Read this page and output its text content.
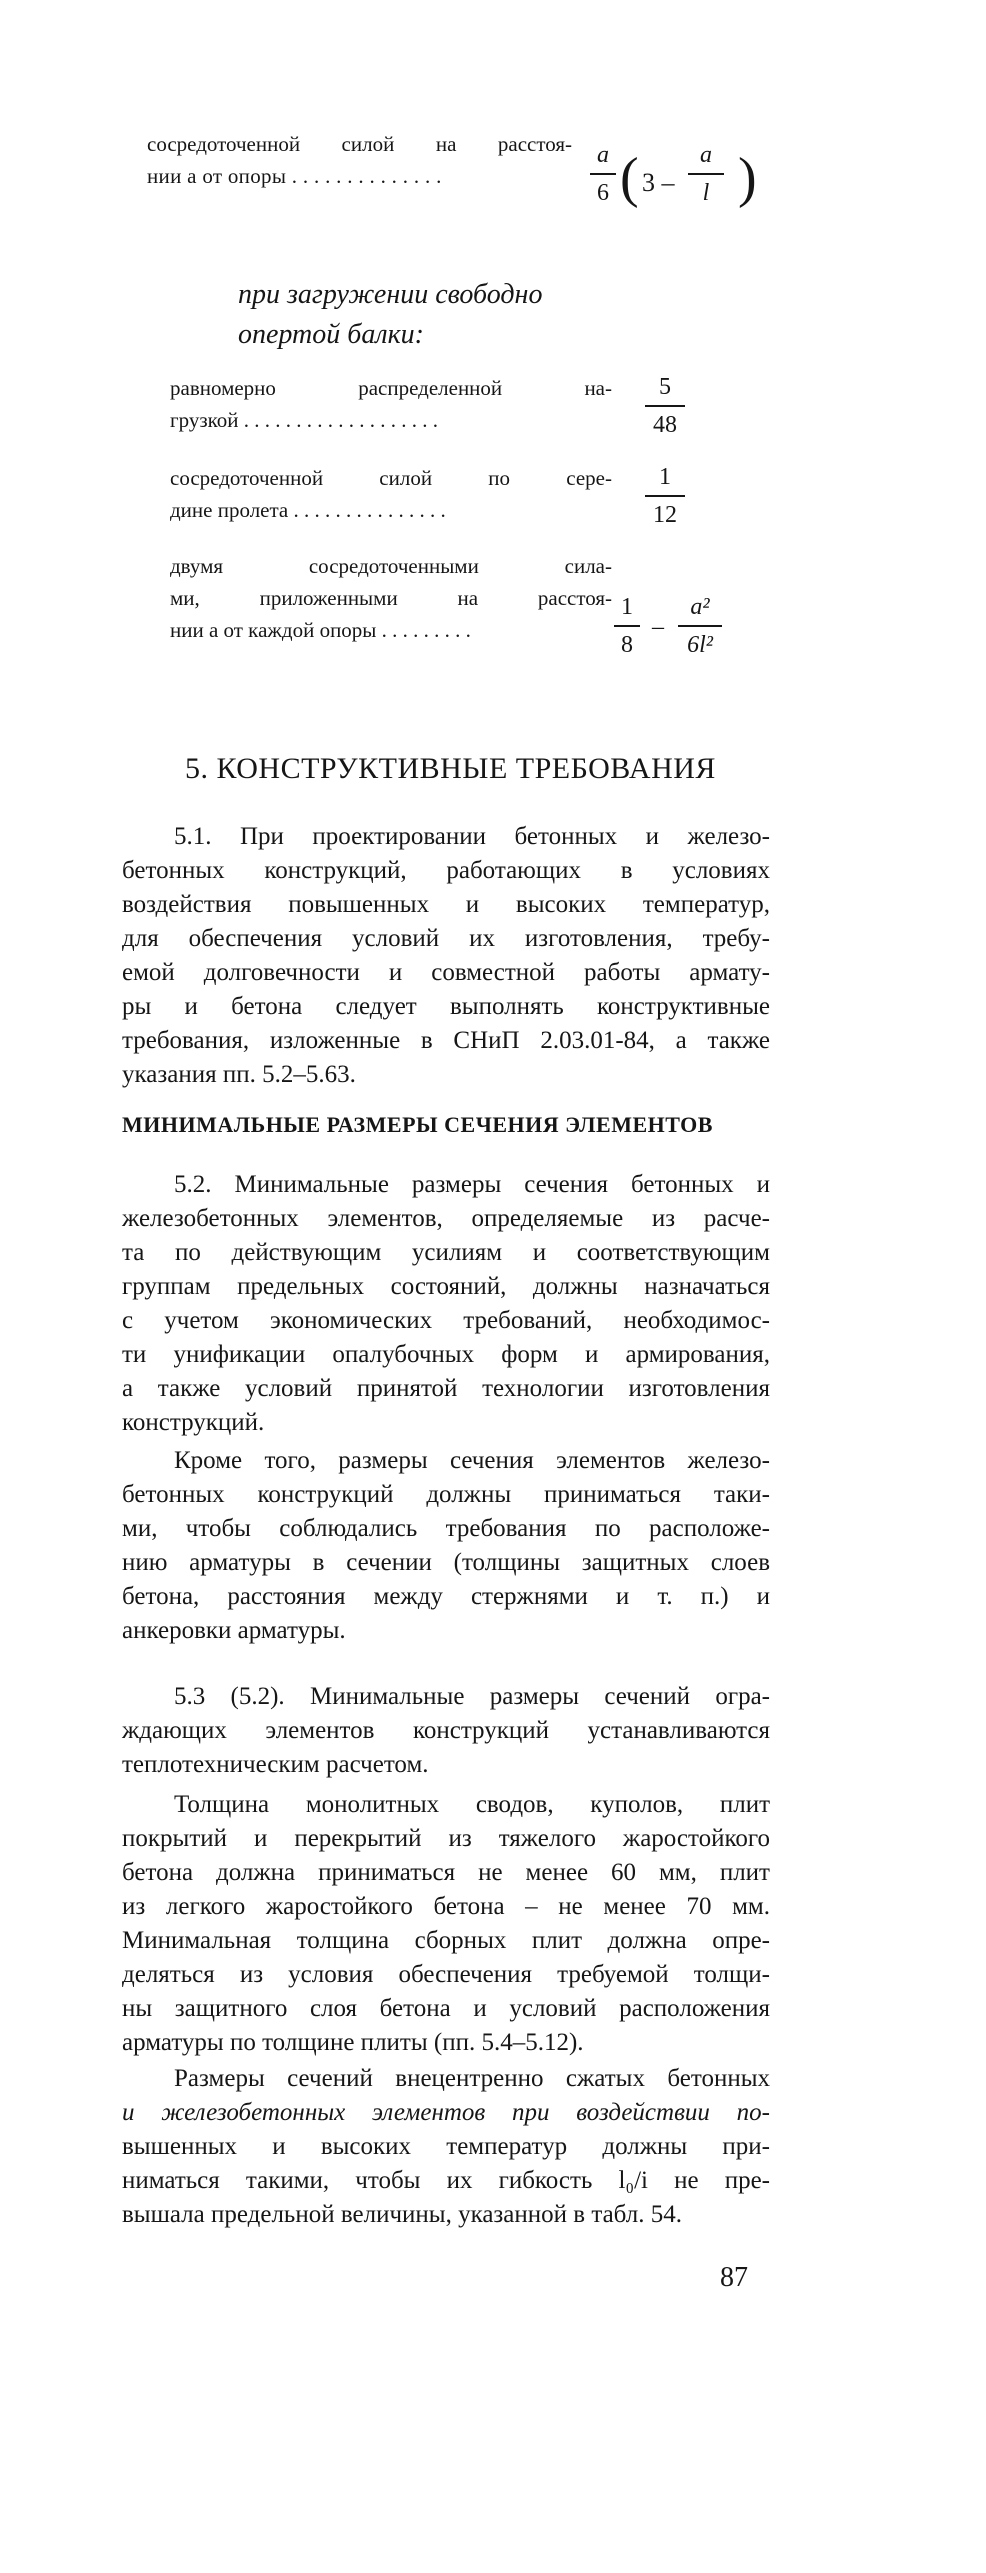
сосредоточенной силой на расстоя-
нии a от опоры . . . . . . . . . . . . . .
a
6 ( 3 –
a
l )
при загружении свободно
опертой балки:
равномерно распределенной на-
грузкой . . . . . . . . . . . . . . . . . . .
5
48
сосредоточенной силой по сере-
дине пролета . . . . . . . . . . . . . . .
1
12
двумя сосредоточенными сила-
ми, приложенными на расстоя-
нии a от каждой опоры . . . . . . . . .
1
8
–
a²
6l²
5. КОНСТРУКТИВНЫЕ ТРЕБОВАНИЯ

5.1. При проектировании бетонных и железо-

бетонных конструкций, работающих в условиях

воздействия повышенных и высоких температур,

для обеспечения условий их изготовления, требу-

емой долговечности и совместной работы армату-

ры и бетона следует выполнять конструктивные

требования, изложенные в СНиП 2.03.01-84, а также

указания пп. 5.2–5.63.

МИНИМАЛЬНЫЕ РАЗМЕРЫ СЕЧЕНИЯ ЭЛЕМЕНТОВ

5.2. Минимальные размеры сечения бетонных и

железобетонных элементов, определяемые из расче-

та по действующим усилиям и соответствующим

группам предельных состояний, должны назначаться

с учетом экономических требований, необходимос-

ти унификации опалубочных форм и армирования,

а также условий принятой технологии изготовления

конструкций.

Кроме того, размеры сечения элементов железо-

бетонных конструкций должны приниматься таки-

ми, чтобы соблюдались требования по расположе-

нию арматуры в сечении (толщины защитных слоев

бетона, расстояния между стержнями и т. п.) и

анкеровки арматуры.

5.3 (5.2). Минимальные размеры сечений огра-

ждающих элементов конструкций устанавливаются

теплотехническим расчетом.

Толщина монолитных сводов, куполов, плит

покрытий и перекрытий из тяжелого жаростойкого

бетона должна приниматься не менее 60 мм, плит

из легкого жаростойкого бетона – не менее 70 мм.

Минимальная толщина сборных плит должна опре-

деляться из условия обеспечения требуемой толщи-

ны защитного слоя бетона и условий расположения

арматуры по толщине плиты (пп. 5.4–5.12).

Размеры сечений внецентренно сжатых бетонных

и железобетонных элементов при воздействии по-

вышенных и высоких температур должны при-

ниматься такими, чтобы их гибкость l₀/i не пре-

вышала предельной величины, указанной в табл. 54.

87
